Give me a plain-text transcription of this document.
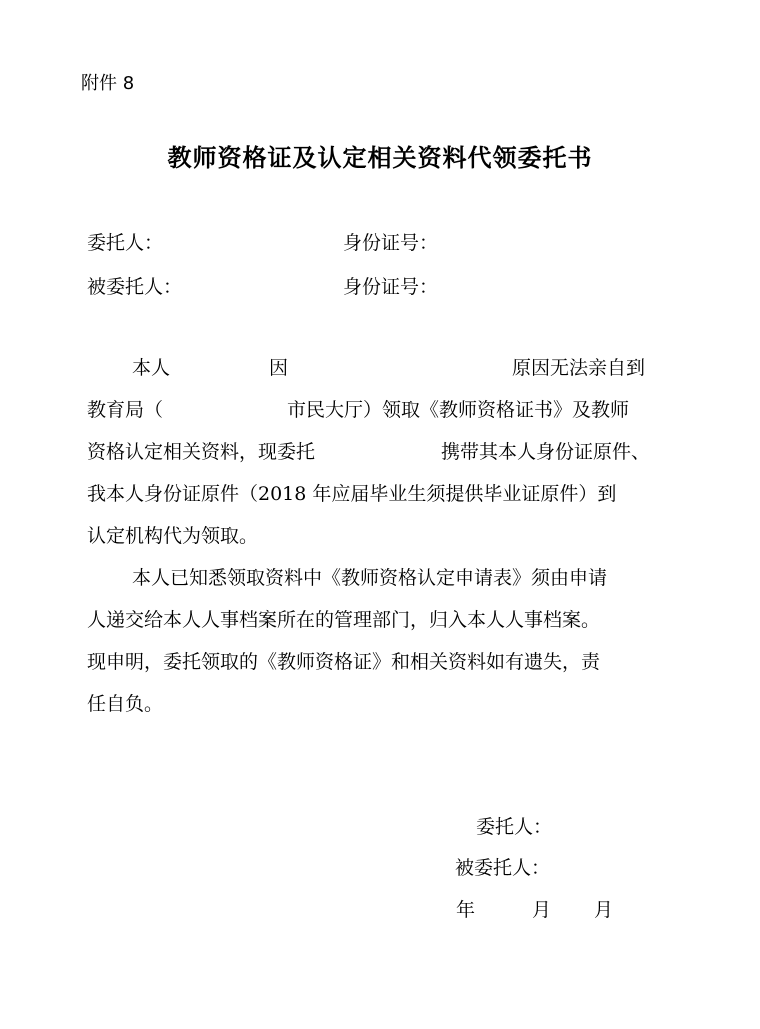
附件 8
教师资格证及认定相关资料代领委托书
委托人：	身份证号：
被委托人：	身份证号：
本人	因	原因无法亲自到
教育局（	市民大厅）领取《教师资格证书》及教师
资格认定相关资料，现委托	携带其本人身份证原件、
我本人身份证原件（2018 年应届毕业生须提供毕业证原件）到
认定机构代为领取。
本人已知悉领取资料中《教师资格认定申请表》须由申请
人递交给本人人事档案所在的管理部门，归入本人人事档案。
现申明，委托领取的《教师资格证》和相关资料如有遗失，责
任自负。
委托人：
被委托人：
年	月 月
